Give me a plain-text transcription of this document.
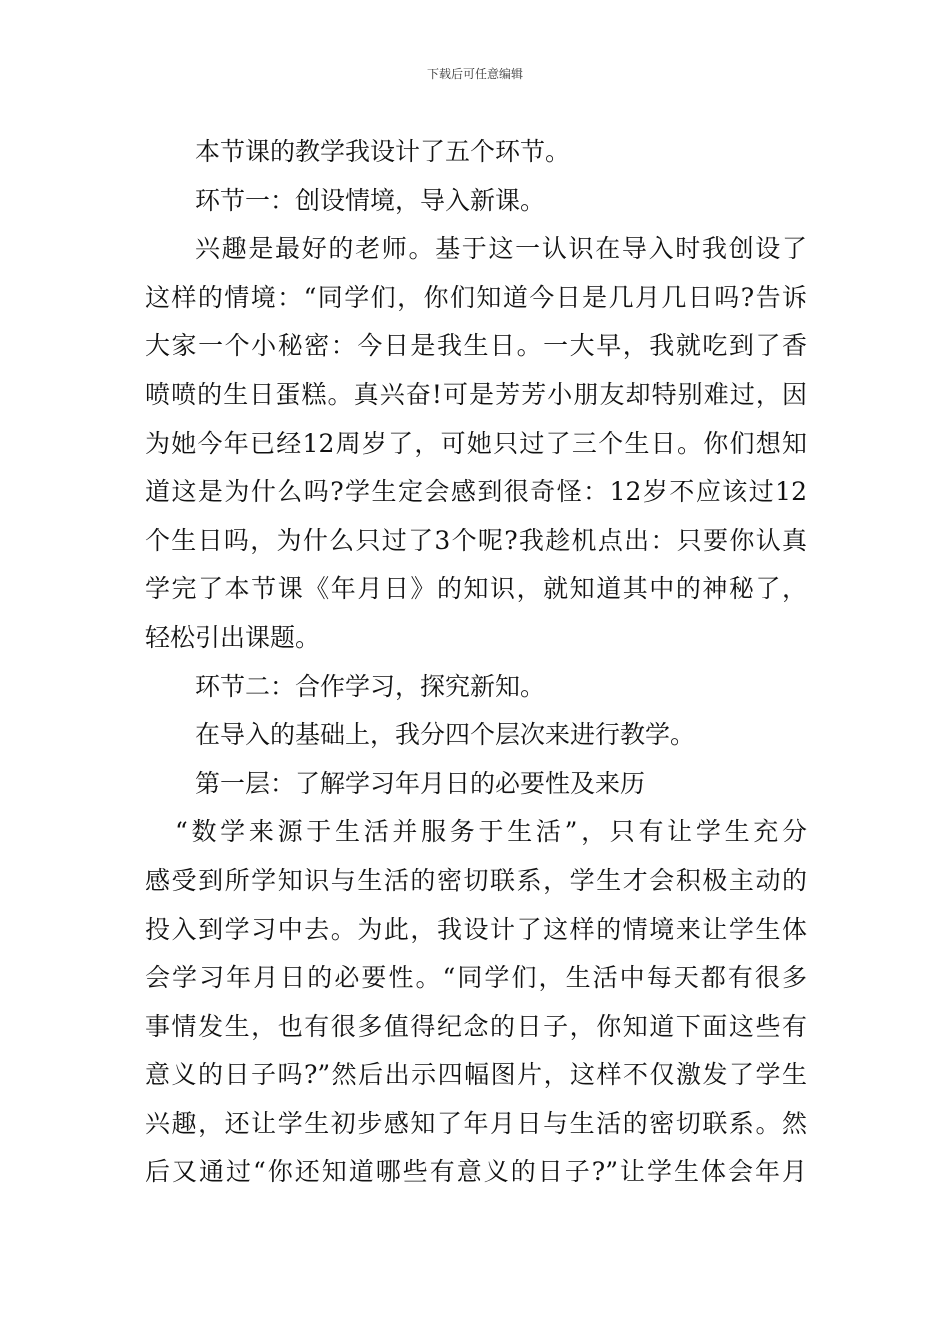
下载后可任意编辑
本节课的教学我设计了五个环节。
环节一：创设情境，导入新课。
兴趣是最好的老师。基于这一认识在导入时我创设了
这样的情境：“同学们，你们知道今日是几月几日吗?告诉
大家一个小秘密：今日是我生日。一大早，我就吃到了香
喷喷的生日蛋糕。真兴奋!可是芳芳小朋友却特别难过，因
为她今年已经12周岁了，可她只过了三个生日。你们想知
道这是为什么吗?学生定会感到很奇怪：12岁不应该过12
个生日吗，为什么只过了3个呢?我趁机点出：只要你认真
学完了本节课《年月日》的知识，就知道其中的神秘了，
轻松引出课题。
环节二：合作学习，探究新知。
在导入的基础上，我分四个层次来进行教学。
第一层：了解学习年月日的必要性及来历
“数学来源于生活并服务于生活”，只有让学生充分
感受到所学知识与生活的密切联系，学生才会积极主动的
投入到学习中去。为此，我设计了这样的情境来让学生体
会学习年月日的必要性。“同学们，生活中每天都有很多
事情发生，也有很多值得纪念的日子，你知道下面这些有
意义的日子吗?”然后出示四幅图片，这样不仅激发了学生
兴趣，还让学生初步感知了年月日与生活的密切联系。然
后又通过“你还知道哪些有意义的日子?”让学生体会年月
